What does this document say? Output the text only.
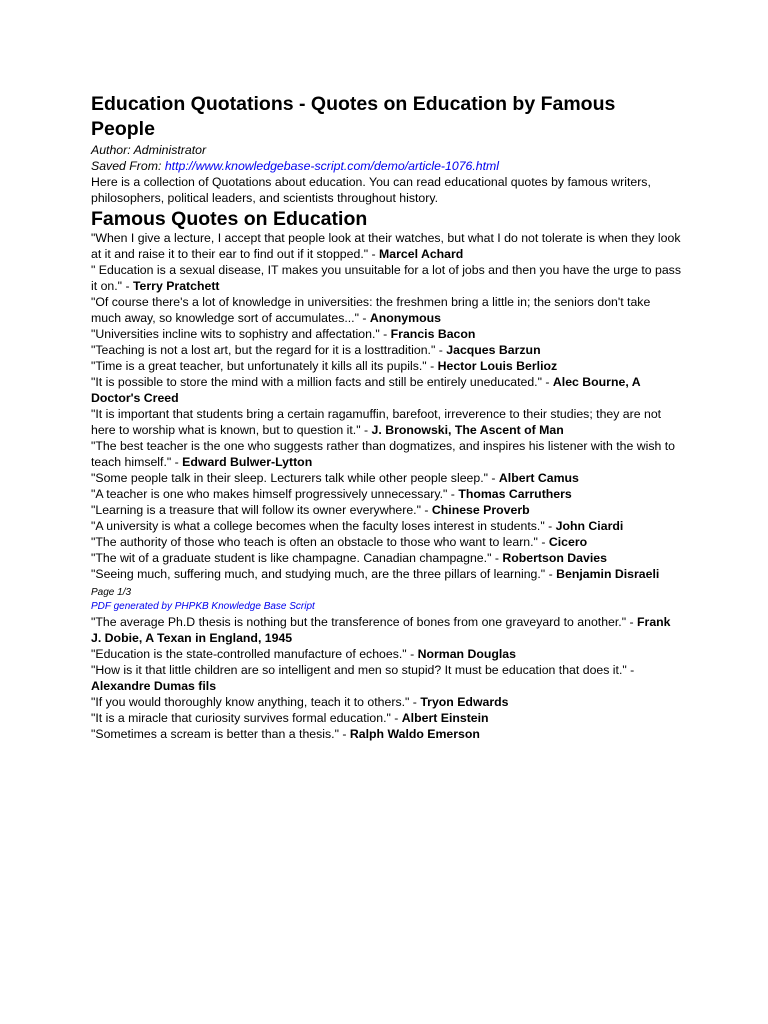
Education Quotations - Quotes on Education by Famous People

Author: Administrator

Saved From: http://www.knowledgebase-script.com/demo/article-1076.html

Here is a collection of Quotations about education. You can read educational quotes by famous writers,

philosophers, political leaders, and scientists throughout history.

Famous Quotes on Education

"When I give a lecture, I accept that people look at their watches, but what I do not tolerate is when they look at it and raise it to their ear to find out if it stopped." - Marcel Achard

" Education is a sexual disease, IT makes you unsuitable for a lot of jobs and then you have the urge to pass it on." - Terry Pratchett

"Of course there's a lot of knowledge in universities: the freshmen bring a little in; the seniors don't take much away, so knowledge sort of accumulates..." - Anonymous

"Universities incline wits to sophistry and affectation." - Francis Bacon

"Teaching is not a lost art, but the regard for it is a losttradition." - Jacques Barzun

"Time is a great teacher, but unfortunately it kills all its pupils." - Hector Louis Berlioz

"It is possible to store the mind with a million facts and still be entirely uneducated." - Alec Bourne, A Doctor's Creed

"It is important that students bring a certain ragamuffin, barefoot, irreverence to their studies; they are not here to worship what is known, but to question it." - J. Bronowski, The Ascent of Man

"The best teacher is the one who suggests rather than dogmatizes, and inspires his listener with the wish to teach himself." - Edward Bulwer-Lytton

"Some people talk in their sleep. Lecturers talk while other people sleep." - Albert Camus

"A teacher is one who makes himself progressively unnecessary." - Thomas Carruthers

"Learning is a treasure that will follow its owner everywhere." - Chinese Proverb

"A university is what a college becomes when the faculty loses interest in students." - John Ciardi

"The authority of those who teach is often an obstacle to those who want to learn." - Cicero

"The wit of a graduate student is like champagne. Canadian champagne." - Robertson Davies

"Seeing much, suffering much, and studying much, are the three pillars of learning." - Benjamin Disraeli

Page 1/3
PDF generated by PHPKB Knowledge Base Script

"The average Ph.D thesis is nothing but the transference of bones from one graveyard to another." - Frank J. Dobie, A Texan in England, 1945

"Education is the state-controlled manufacture of echoes." - Norman Douglas

"How is it that little children are so intelligent and men so stupid? It must be education that does it." - Alexandre Dumas fils

"If you would thoroughly know anything, teach it to others." - Tryon Edwards

"It is a miracle that curiosity survives formal education." - Albert Einstein

"Sometimes a scream is better than a thesis." - Ralph Waldo Emerson
